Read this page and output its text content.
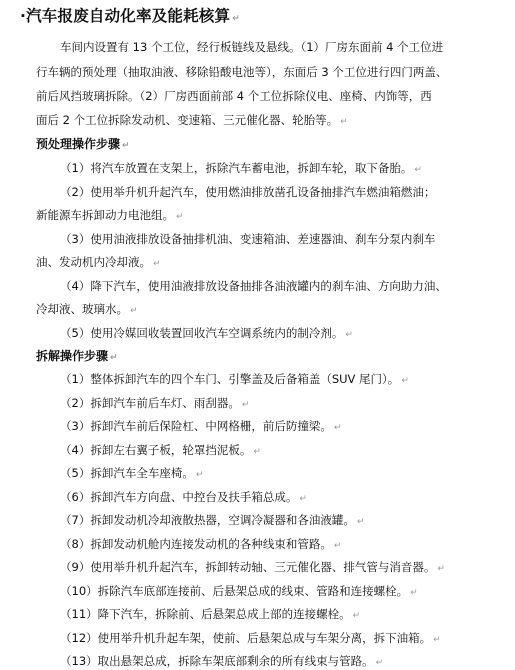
·汽车报废自动化率及能耗核算 ↵
车间内设置有 13 个工位，经行板链线及悬线。（1）厂房东面前 4 个工位进
行车辆的预处理（抽取油液、移除铅酸电池等），东面后 3 个工位进行四门两盖、
前后风挡玻璃拆除。（2）厂房西面前部 4 个工位拆除仪电、座椅、内饰等，西
面后 2 个工位拆除发动机、变速箱、三元催化器、轮胎等。 ↵
预处理操作步骤 ↵
（1）将汽车放置在支架上，拆除汽车蓄电池，拆卸车轮，取下备胎。 ↵
（2）使用举升机升起汽车，使用燃油排放凿孔设备抽排汽车燃油箱燃油；
新能源车拆卸动力电池组。 ↵
（3）使用油液排放设备抽排机油、变速箱油、差速器油、刹车分泵内刹车
油、发动机内冷却液。 ↵
（4）降下汽车，使用油液排放设备抽排各油液罐内的刹车油、方向助力油、
冷却液、玻璃水。 ↵
（5）使用冷媒回收装置回收汽车空调系统内的制冷剂。 ↵
拆解操作步骤 ↵
（1）整体拆卸汽车的四个车门、引擎盖及后备箱盖（SUV 尾门）。 ↵
（2）拆卸汽车前后车灯、雨刮器。 ↵
（3）拆卸汽车前后保险杠、中网格栅，前后防撞梁。 ↵
（4）拆卸左右翼子板，轮罩挡泥板。 ↵
（5）拆卸汽车全车座椅。 ↵
（6）拆卸汽车方向盘、中控台及扶手箱总成。 ↵
（7）拆卸发动机冷却液散热器，空调冷凝器和各油液罐。 ↵
（8）拆卸发动机舱内连接发动机的各种线束和管路。 ↵
（9）使用举升机升起汽车，拆卸转动轴、三元催化器、排气管与消音器。 ↵
（10）拆除汽车底部连接前、后悬架总成的线束、管路和连接螺栓。 ↵
（11）降下汽车，拆除前、后悬架总成上部的连接螺栓。 ↵
（12）使用举升机升起车架，使前、后悬架总成与车架分离，拆下油箱。 ↵
（13）取出悬架总成，拆除车架底部剩余的所有线束与管路。 ↵
